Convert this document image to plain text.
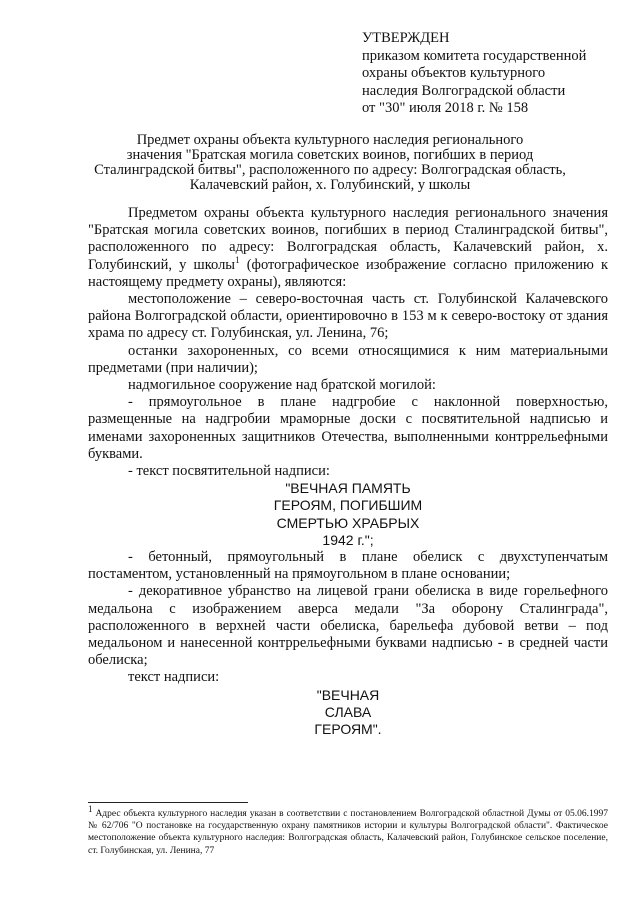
УТВЕРЖДЕН
приказом комитета государственной
охраны объектов культурного
наследия Волгоградской области
от "30" июля 2018 г. № 158
Предмет охраны объекта культурного наследия регионального
значения "Братская могила советских воинов, погибших в период
Сталинградской битвы", расположенного по адресу: Волгоградская область,
Калачевский район, х. Голубинский, у школы

Предметом охраны объекта культурного наследия регионального значения "Братская могила советских воинов, погибших в период Сталинградской битвы", расположенного по адресу: Волгоградская область, Калачевский район, х. Голубинский, у школы$^1$ (фотографическое изображение согласно приложению к настоящему предмету охраны), являются:

местоположение – северо-восточная часть ст. Голубинской Калачевского района Волгоградской области, ориентировочно в 153 м к северо-востоку от здания храма по адресу ст. Голубинская, ул. Ленина, 76;

останки захороненных, со всеми относящимися к ним материальными предметами (при наличии);

надмогильное сооружение над братской могилой:

- прямоугольное в плане надгробие с наклонной поверхностью, размещенные на надгробии мраморные доски с посвятительной надписью и именами захороненных защитников Отечества, выполненными контррельефными буквами.

- текст посвятительной надписи:

"ВЕЧНАЯ ПАМЯТЬ
ГЕРОЯМ, ПОГИБШИМ
СМЕРТЬЮ ХРАБРЫХ
1942 г.";

- бетонный, прямоугольный в плане обелиск с двухступенчатым постаментом, установленный на прямоугольном в плане основании;

- декоративное убранство на лицевой грани обелиска в виде горельефного медальона с изображением аверса медали "За оборону Сталинграда", расположенного в верхней части обелиска, барельефа дубовой ветви – под медальоном и нанесенной контррельефными буквами надписью - в средней части обелиска;

текст надписи:

"ВЕЧНАЯ
СЛАВА
ГЕРОЯМ".
$^1$ Адрес объекта культурного наследия указан в соответствии с постановлением Волгоградской областной Думы от 05.06.1997 № 62/706 "О постановке на государственную охрану памятников истории и культуры Волгоградской области". Фактическое местоположение объекта культурного наследия: Волгоградская область, Калачевский район, Голубинское сельское поселение, ст. Голубинская, ул. Ленина, 77
